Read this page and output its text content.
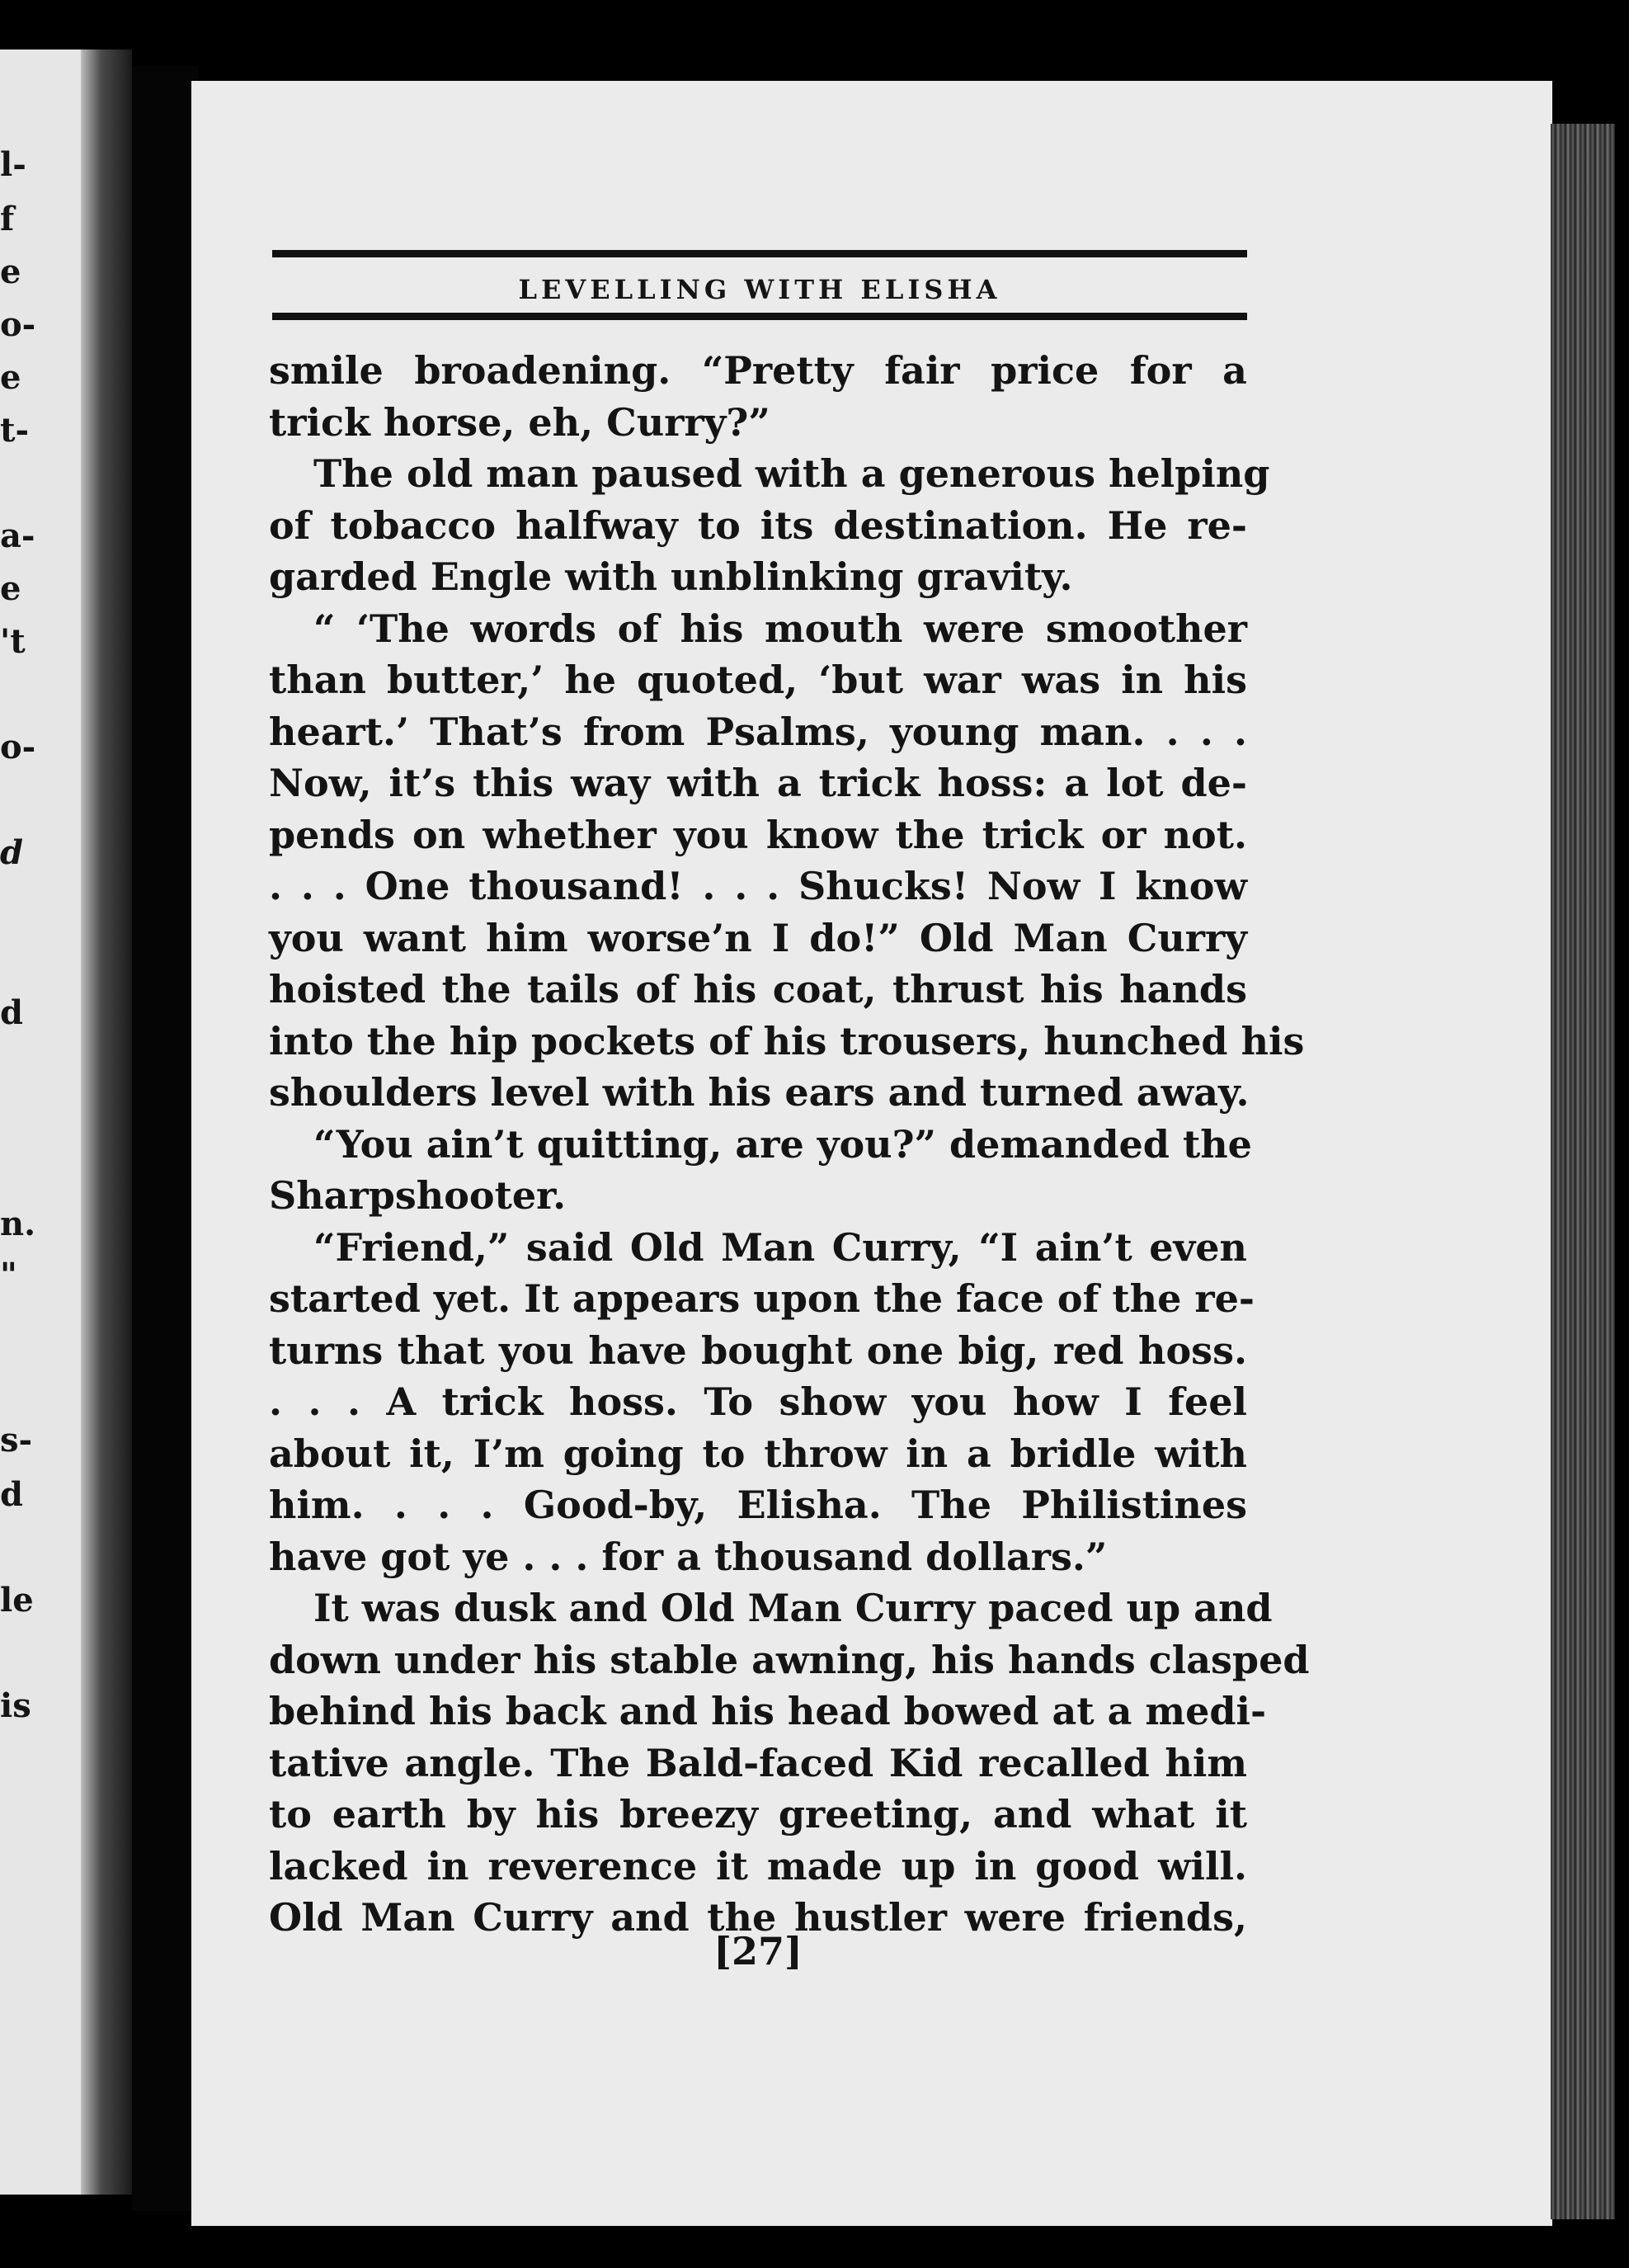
l-
f
e
o-
e
t-
a-
e
't
o-
d
d
n.
"
s-
d
le
is
LEVELLING WITH ELISHA
smile broadening. “Pretty fair price for a
trick horse, eh, Curry?”
The old man paused with a generous helping
of tobacco halfway to its destination. He re-
garded Engle with unblinking gravity.
“ ‘The words of his mouth were smoother
than butter,’ he quoted, ‘but war was in his
heart.’ That’s from Psalms, young man. . . .
Now, it’s this way with a trick hoss: a lot de-
pends on whether you know the trick or not.
. . . One thousand! . . . Shucks! Now I know
you want him worse’n I do!” Old Man Curry
hoisted the tails of his coat, thrust his hands
into the hip pockets of his trousers, hunched his
shoulders level with his ears and turned away.
“You ain’t quitting, are you?” demanded the
Sharpshooter.
“Friend,” said Old Man Curry, “I ain’t even
started yet. It appears upon the face of the re-
turns that you have bought one big, red hoss.
. . . A trick hoss. To show you how I feel
about it, I’m going to throw in a bridle with
him. . . . Good-by, Elisha. The Philistines
have got ye . . . for a thousand dollars.”
It was dusk and Old Man Curry paced up and
down under his stable awning, his hands clasped
behind his back and his head bowed at a medi-
tative angle. The Bald-faced Kid recalled him
to earth by his breezy greeting, and what it
lacked in reverence it made up in good will.
Old Man Curry and the hustler were friends,
[27]
